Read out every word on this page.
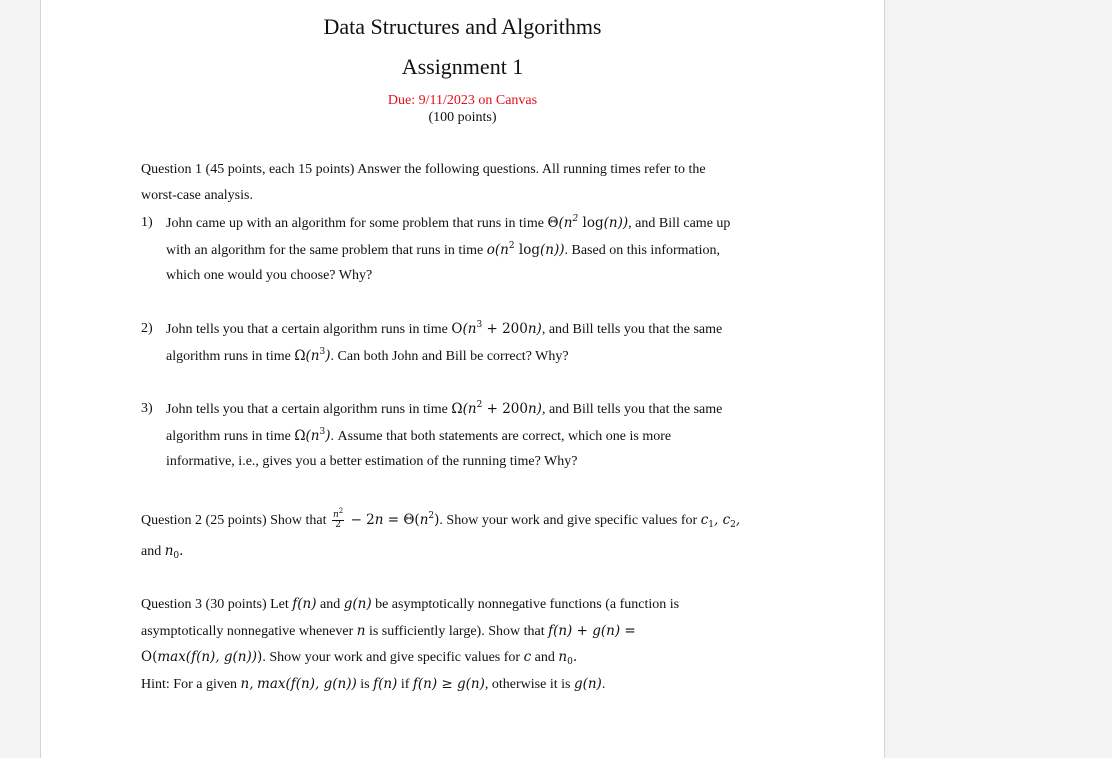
Data Structures and Algorithms
Assignment 1
Due: 9/11/2023 on Canvas
(100 points)
Question 1 (45 points, each 15 points) Answer the following questions. All running times refer to the
worst-case analysis.
1) John came up with an algorithm for some problem that runs in time $\Theta(n^2$ log(n)), and Bill came up
with an algorithm for the same problem that runs in time $o(n^2$ log(n)). Based on this information,
which one would you choose? Why?
2) John tells you that a certain algorithm runs in time $O(n^3 + 200n)$, and Bill tells you that the same
algorithm runs in time $\Omega(n^3)$. Can both John and Bill be correct? Why?
3) John tells you that a certain algorithm runs in time $\Omega(n^2 + 200n)$, and Bill tells you that the same
algorithm runs in time $\Omega(n^3)$. Assume that both statements are correct, which one is more
informative, i.e., gives you a better estimation of the running time? Why?
Question 2 (25 points) Show that $\frac{n^2}{2} - 2n = \Theta(n^2)$. Show your work and give specific values for $c_1$, $c_2$,
and $n_0$.
Question 3 (30 points) Let f(n) and g(n) be asymptotically nonnegative functions (a function is
asymptotically nonnegative whenever n is sufficiently large). Show that f(n) + g(n) =
O(max(f(n), g(n))). Show your work and give specific values for c and $n_0$.
Hint: For a given n, max(f(n), g(n)) is f(n) if f(n) ≥ g(n), otherwise it is g(n).
